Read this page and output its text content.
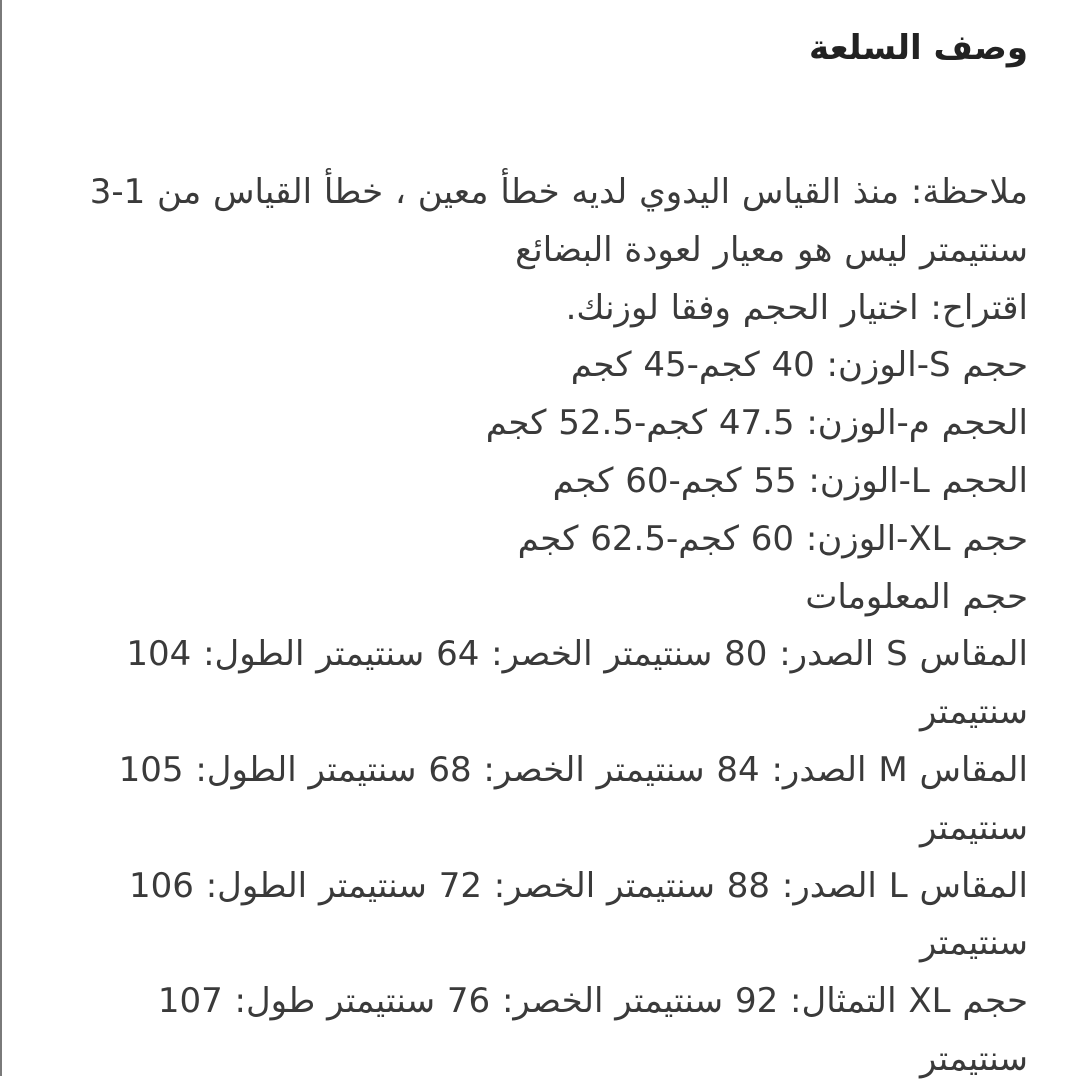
وصف السلعة
ملاحظة: منذ القياس اليدوي لديه خطأ معين ، خطأ القياس من 1-3 سنتيمتر ليس هو معيار لعودة البضائع
اقتراح: اختيار الحجم وفقا لوزنك.
حجم S-الوزن: 40 كجم-45 كجم
الحجم م-الوزن: 47.5 كجم-52.5 كجم
الحجم L-الوزن: 55 كجم-60 كجم
حجم XL-الوزن: 60 كجم-62.5 كجم
حجم المعلومات
المقاس S الصدر: 80 سنتيمتر الخصر: 64 سنتيمتر الطول: 104 سنتيمتر
المقاس M الصدر: 84 سنتيمتر الخصر: 68 سنتيمتر الطول: 105 سنتيمتر
المقاس L الصدر: 88 سنتيمتر الخصر: 72 سنتيمتر الطول: 106 سنتيمتر
حجم XL التمثال: 92 سنتيمتر الخصر: 76 سنتيمتر طول: 107 سنتيمتر
